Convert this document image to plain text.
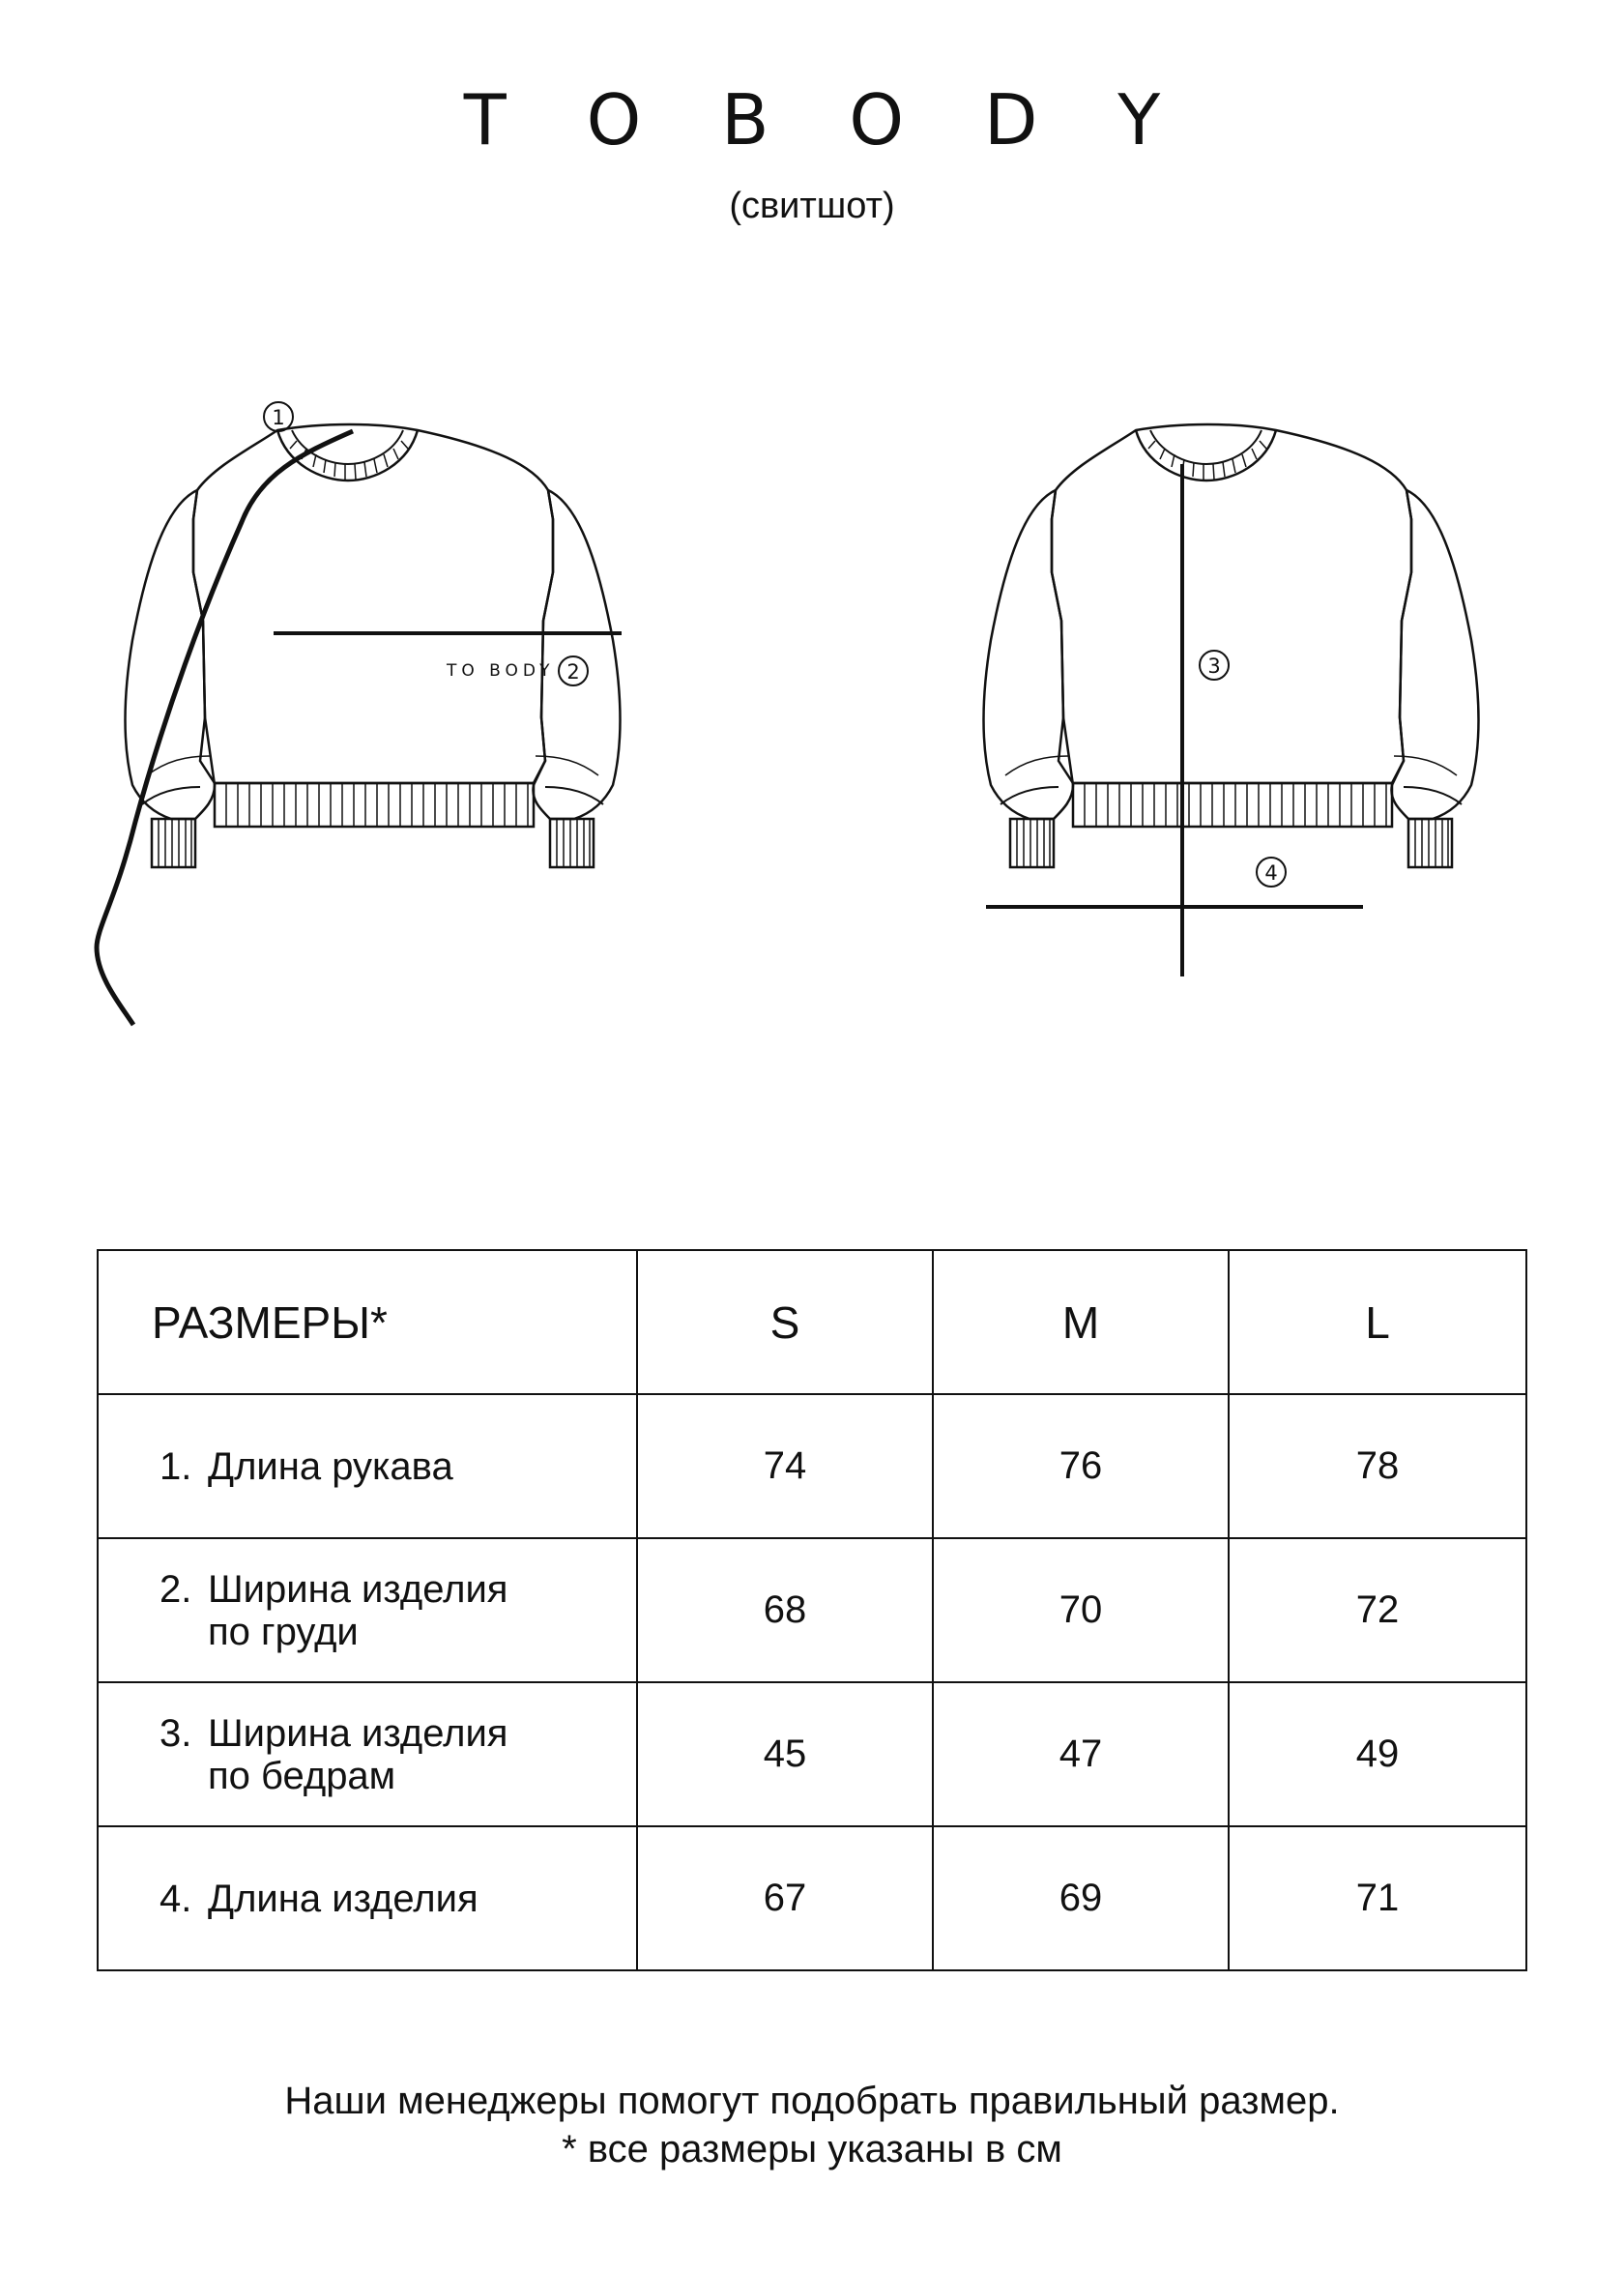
T O B O D Y
(свитшот)
TO BODY
1
2	3
4
РАЗМЕРЫ*	S	M	L
1. Длина рукава	74	76	78
2. Ширина изделия
по груди	68	70	72
3. Ширина изделия
по бедрам	45	47	49
4. Длина изделия	67	69	71
Наши менеджеры помогут подобрать правильный размер.
* все размеры указаны в см
